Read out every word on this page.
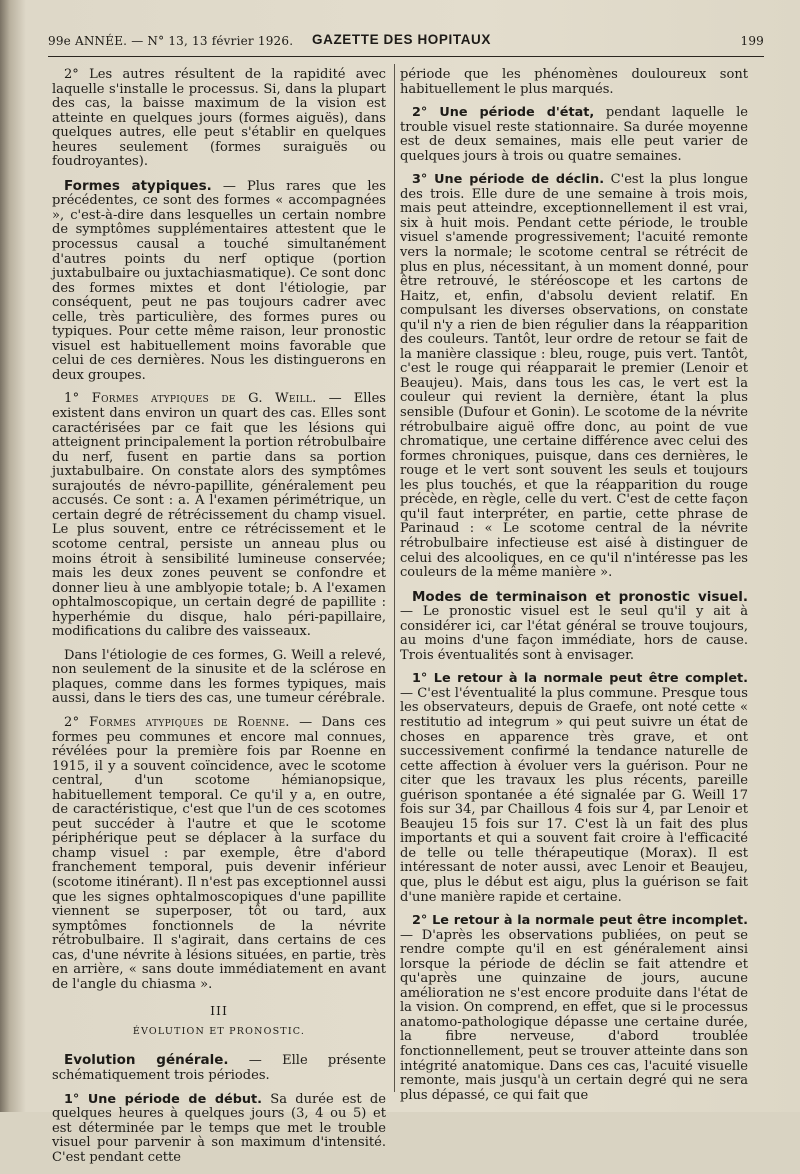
99e ANNÉE. — N° 13, 13 février 1926. GAZETTE DES HOPITAUX	199

2° Les autres résultent de la rapidité avec laquelle s'installe le processus. Si, dans la plupart des cas, la baisse maximum de la vision est atteinte en quelques jours (formes aiguës), dans quelques autres, elle peut s'établir en quelques heures seulement (formes suraiguës ou foudroyantes).

Formes atypiques. — Plus rares que les précédentes, ce sont des formes « accompagnées », c'est-à-dire dans lesquelles un certain nombre de symptômes supplémentaires attestent que le processus causal a touché simultanément d'autres points du nerf optique (portion juxtabulbaire ou juxtachiasmatique). Ce sont donc des formes mixtes et dont l'étiologie, par conséquent, peut ne pas toujours cadrer avec celle, très particulière, des formes pures ou typiques. Pour cette même raison, leur pronostic visuel est habituellement moins favorable que celui de ces dernières. Nous les distinguerons en deux groupes.

1° Formes atypiques de G. Weill. — Elles existent dans environ un quart des cas. Elles sont caractérisées par ce fait que les lésions qui atteignent principalement la portion rétrobulbaire du nerf, fusent en partie dans sa portion juxtabulbaire. On constate alors des symptômes surajoutés de névro-papillite, généralement peu accusés. Ce sont : a. A l'examen périmétrique, un certain degré de rétrécissement du champ visuel. Le plus souvent, entre ce rétrécissement et le scotome central, persiste un anneau plus ou moins étroit à sensibilité lumineuse conservée; mais les deux zones peuvent se confondre et donner lieu à une amblyopie totale; b. A l'examen ophtalmoscopique, un certain degré de papillite : hyperhémie du disque, halo péri-papillaire, modifications du calibre des vaisseaux.

Dans l'étiologie de ces formes, G. Weill a relevé, non seulement de la sinusite et de la sclérose en plaques, comme dans les formes typiques, mais aussi, dans le tiers des cas, une tumeur cérébrale.

2° Formes atypiques de Roenne. — Dans ces formes peu communes et encore mal connues, révélées pour la première fois par Roenne en 1915, il y a souvent coïncidence, avec le scotome central, d'un scotome hémianopsique, habituellement temporal. Ce qu'il y a, en outre, de caractéristique, c'est que l'un de ces scotomes peut succéder à l'autre et que le scotome périphérique peut se déplacer à la surface du champ visuel : par exemple, être d'abord franchement temporal, puis devenir inférieur (scotome itinérant). Il n'est pas exceptionnel aussi que les signes ophtalmoscopiques d'une papillite viennent se superposer, tôt ou tard, aux symptômes fonctionnels de la névrite rétrobulbaire. Il s'agirait, dans certains de ces cas, d'une névrite à lésions situées, en partie, très en arrière, « sans doute immédiatement en avant de l'angle du chiasma ».

III
ÉVOLUTION ET PRONOSTIC.

Evolution générale. — Elle présente schématiquement trois périodes.

1° Une période de début. Sa durée est de quelques heures à quelques jours (3, 4 ou 5) et est déterminée par le temps que met le trouble visuel pour parvenir à son maximum d'intensité. C'est pendant cette

période que les phénomènes douloureux sont habituellement le plus marqués.

2° Une période d'état, pendant laquelle le trouble visuel reste stationnaire. Sa durée moyenne est de deux semaines, mais elle peut varier de quelques jours à trois ou quatre semaines.

3° Une période de déclin. C'est la plus longue des trois. Elle dure de une semaine à trois mois, mais peut atteindre, exceptionnellement il est vrai, six à huit mois. Pendant cette période, le trouble visuel s'amende progressivement; l'acuité remonte vers la normale; le scotome central se rétrécit de plus en plus, nécessitant, à un moment donné, pour être retrouvé, le stéréoscope et les cartons de Haitz, et, enfin, d'absolu devient relatif. En compulsant les diverses observations, on constate qu'il n'y a rien de bien régulier dans la réapparition des couleurs. Tantôt, leur ordre de retour se fait de la manière classique : bleu, rouge, puis vert. Tantôt, c'est le rouge qui réapparait le premier (Lenoir et Beaujeu). Mais, dans tous les cas, le vert est la couleur qui revient la dernière, étant la plus sensible (Dufour et Gonin). Le scotome de la névrite rétrobulbaire aiguë offre donc, au point de vue chromatique, une certaine différence avec celui des formes chroniques, puisque, dans ces dernières, le rouge et le vert sont souvent les seuls et toujours les plus touchés, et que la réapparition du rouge précède, en règle, celle du vert. C'est de cette façon qu'il faut interpréter, en partie, cette phrase de Parinaud : « Le scotome central de la névrite rétrobulbaire infectieuse est aisé à distinguer de celui des alcooliques, en ce qu'il n'intéresse pas les couleurs de la même manière ».

Modes de terminaison et pronostic visuel. — Le pronostic visuel est le seul qu'il y ait à considérer ici, car l'état général se trouve toujours, au moins d'une façon immédiate, hors de cause. Trois éventualités sont à envisager.

1° Le retour à la normale peut être complet. — C'est l'éventualité la plus commune. Presque tous les observateurs, depuis de Graefe, ont noté cette « restitutio ad integrum » qui peut suivre un état de choses en apparence très grave, et ont successivement confirmé la tendance naturelle de cette affection à évoluer vers la guérison. Pour ne citer que les travaux les plus récents, pareille guérison spontanée a été signalée par G. Weill 17 fois sur 34, par Chaillous 4 fois sur 4, par Lenoir et Beaujeu 15 fois sur 17. C'est là un fait des plus importants et qui a souvent fait croire à l'efficacité de telle ou telle thérapeutique (Morax). Il est intéressant de noter aussi, avec Lenoir et Beaujeu, que, plus le début est aigu, plus la guérison se fait d'une manière rapide et certaine.

2° Le retour à la normale peut être incomplet. — D'après les observations publiées, on peut se rendre compte qu'il en est généralement ainsi lorsque la période de déclin se fait attendre et qu'après une quinzaine de jours, aucune amélioration ne s'est encore produite dans l'état de la vision. On comprend, en effet, que si le processus anatomo-pathologique dépasse une certaine durée, la fibre nerveuse, d'abord troublée fonctionnellement, peut se trouver atteinte dans son intégrité anatomique. Dans ces cas, l'acuité visuelle remonte, mais jusqu'à un certain degré qui ne sera plus dépassé, ce qui fait que
